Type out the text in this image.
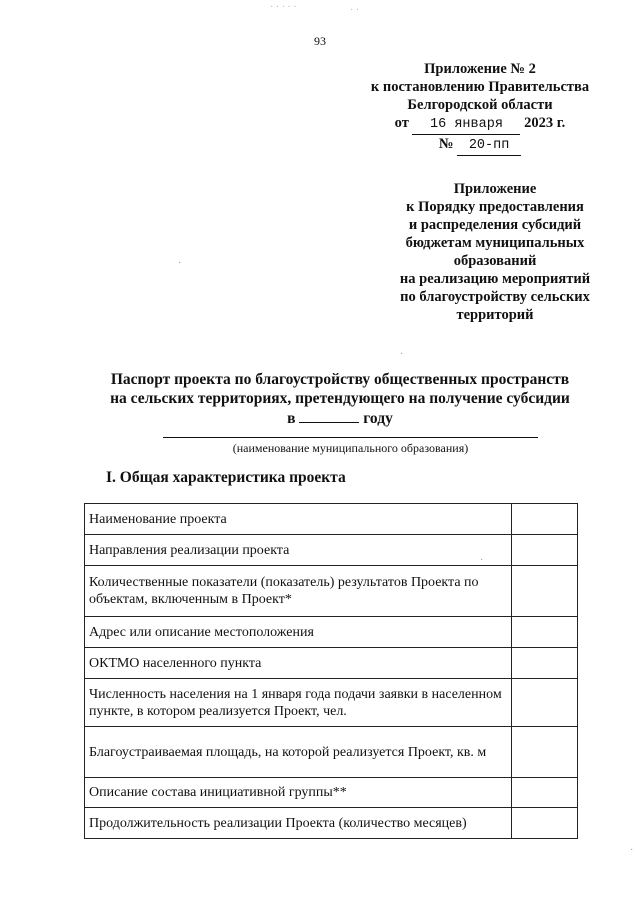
93
Приложение № 2
к постановлению Правительства
Белгородской области
от 16 января 2023 г.
№ 20-пп
Приложение
к Порядку предоставления
и распределения субсидий
бюджетам муниципальных
образований
на реализацию мероприятий
по благоустройству сельских
территорий
Паспорт проекта по благоустройству общественных пространств
на сельских территориях, претендующего на получение субсидии
в	году
(наименование муниципального образования)
I. Общая характеристика проекта
Наименование проекта	
Направления реализации проекта	
Количественные показатели (показатель) результатов Проекта по объектам, включенным в Проект*	
Адрес или описание местоположения	
ОКТМО населенного пункта	
Численность населения на 1 января года подачи заявки в населенном пункте, в котором реализуется Проект, чел.	
Благоустраиваемая площадь, на которой реализуется Проект, кв. м	
Описание состава инициативной группы**	
Продолжительность реализации Проекта (количество месяцев)	
· · · · ·	· ·
·
·
·
·
